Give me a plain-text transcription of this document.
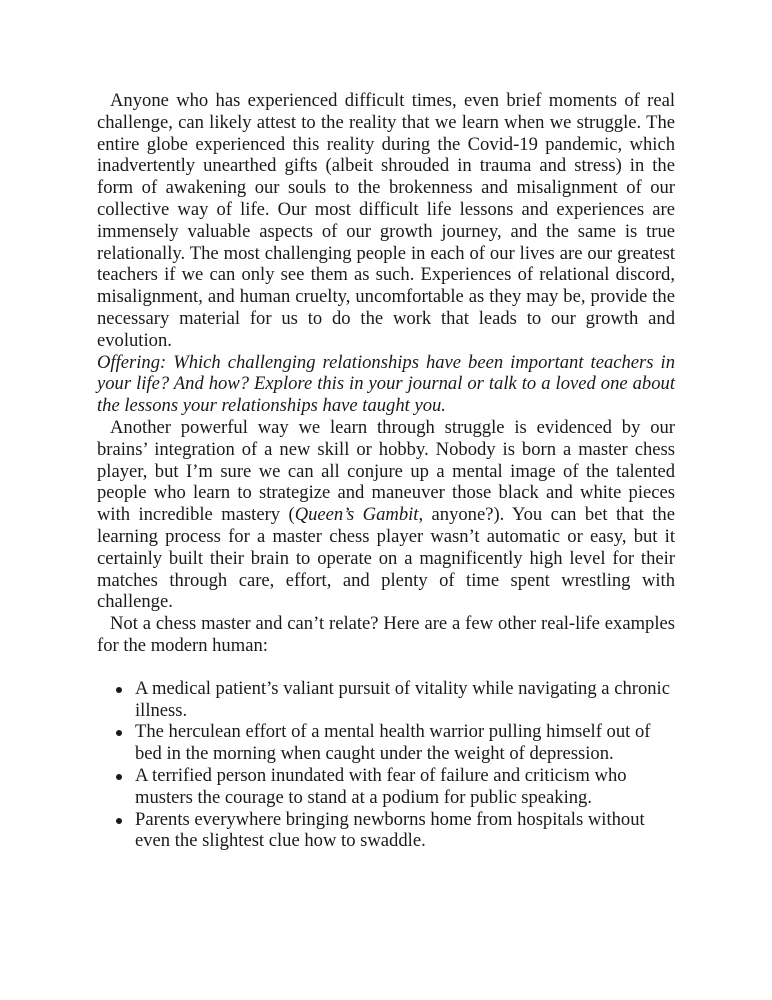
Anyone who has experienced difficult times, even brief moments of real challenge, can likely attest to the reality that we learn when we struggle. The entire globe experienced this reality during the Covid-19 pandemic, which inadvertently unearthed gifts (albeit shrouded in trauma and stress) in the form of awakening our souls to the brokenness and misalignment of our collective way of life. Our most difficult life lessons and experiences are immensely valuable aspects of our growth journey, and the same is true relationally. The most challenging people in each of our lives are our greatest teachers if we can only see them as such. Experiences of relational discord, misalignment, and human cruelty, uncomfortable as they may be, provide the necessary material for us to do the work that leads to our growth and evolution.

Offering: Which challenging relationships have been important teachers in your life? And how? Explore this in your journal or talk to a loved one about the lessons your relationships have taught you.

Another powerful way we learn through struggle is evidenced by our brains’ integration of a new skill or hobby. Nobody is born a master chess player, but I’m sure we can all conjure up a mental image of the talented people who learn to strategize and maneuver those black and white pieces with incredible mastery (Queen’s Gambit, anyone?). You can bet that the learning process for a master chess player wasn’t automatic or easy, but it certainly built their brain to operate on a magnificently high level for their matches through care, effort, and plenty of time spent wrestling with challenge.

Not a chess master and can’t relate? Here are a few other real-life examples for the modern human:

A medical patient’s valiant pursuit of vitality while navigating a chronic illness.
The herculean effort of a mental health warrior pulling himself out of bed in the morning when caught under the weight of depression.
A terrified person inundated with fear of failure and criticism who musters the courage to stand at a podium for public speaking.
Parents everywhere bringing newborns home from hospitals without even the slightest clue how to swaddle.
